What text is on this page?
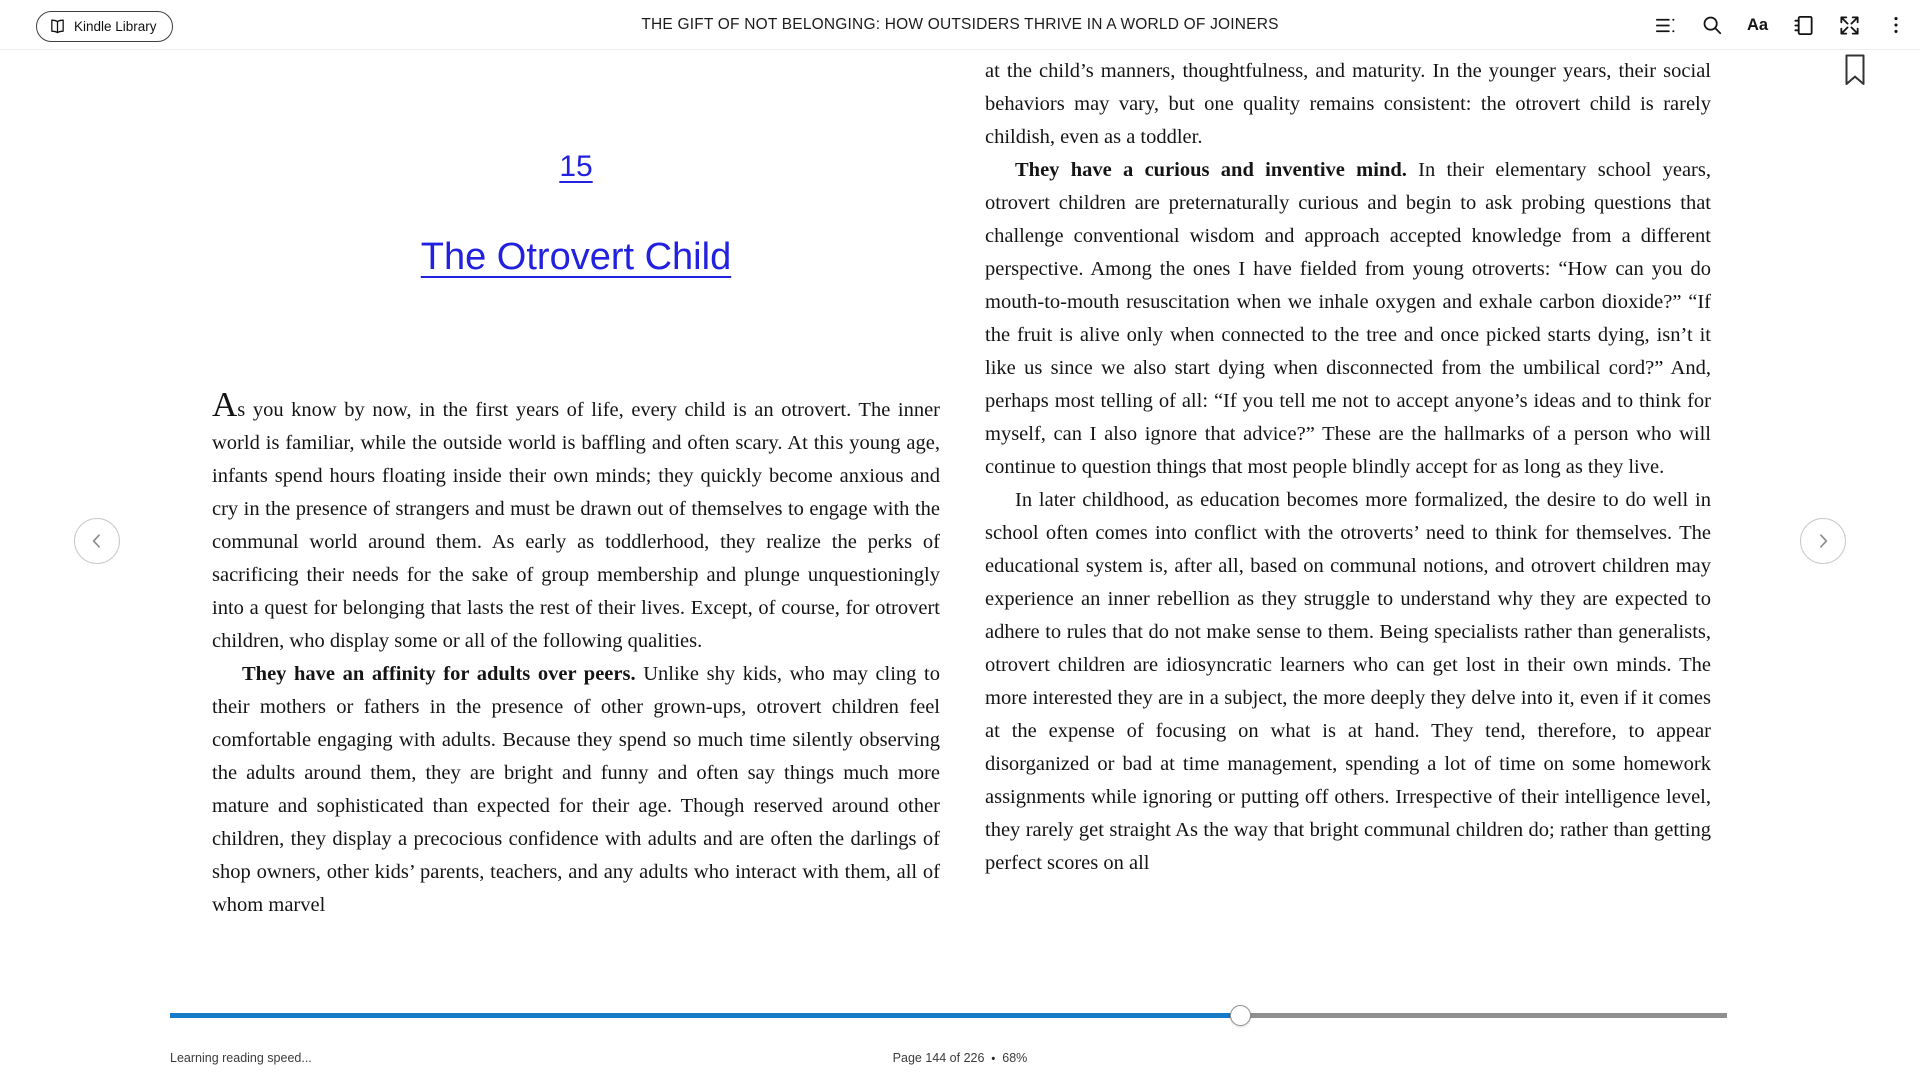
Kindle Library	THE GIFT OF NOT BELONGING: HOW OUTSIDERS THRIVE IN A WORLD OF JOINERS	Aa
15
The Otrovert Child

As you know by now, in the first years of life, every child is an otrovert. The inner world is familiar, while the outside world is baffling and often scary. At this young age, infants spend hours floating inside their own minds; they quickly become anxious and cry in the presence of strangers and must be drawn out of themselves to engage with the communal world around them. As early as toddlerhood, they realize the perks of sacrificing their needs for the sake of group membership and plunge unquestioningly into a quest for belonging that lasts the rest of their lives. Except, of course, for otrovert children, who display some or all of the following qualities.

They have an affinity for adults over peers. Unlike shy kids, who may cling to their mothers or fathers in the presence of other grown-ups, otrovert children feel comfortable engaging with adults. Because they spend so much time silently observing the adults around them, they are bright and funny and often say things much more mature and sophisticated than expected for their age. Though reserved around other children, they display a precocious confidence with adults and are often the darlings of shop owners, other kids’ parents, teachers, and any adults who interact with them, all of whom marvel

at the child’s manners, thoughtfulness, and maturity. In the younger years, their social behaviors may vary, but one quality remains consistent: the otrovert child is rarely childish, even as a toddler.

They have a curious and inventive mind. In their elementary school years, otrovert children are preternaturally curious and begin to ask probing questions that challenge conventional wisdom and approach accepted knowledge from a different perspective. Among the ones I have fielded from young otroverts: “How can you do mouth-to-mouth resuscitation when we inhale oxygen and exhale carbon dioxide?” “If the fruit is alive only when connected to the tree and once picked starts dying, isn’t it like us since we also start dying when disconnected from the umbilical cord?” And, perhaps most telling of all: “If you tell me not to accept anyone’s ideas and to think for myself, can I also ignore that advice?” These are the hallmarks of a person who will continue to question things that most people blindly accept for as long as they live.

In later childhood, as education becomes more formalized, the desire to do well in school often comes into conflict with the otroverts’ need to think for themselves. The educational system is, after all, based on communal notions, and otrovert children may experience an inner rebellion as they struggle to understand why they are expected to adhere to rules that do not make sense to them. Being specialists rather than generalists, otrovert children are idiosyncratic learners who can get lost in their own minds. The more interested they are in a subject, the more deeply they delve into it, even if it comes at the expense of focusing on what is at hand. They tend, therefore, to appear disorganized or bad at time management, spending a lot of time on some homework assignments while ignoring or putting off others. Irrespective of their intelligence level, they rarely get straight As the way that bright communal children do; rather than getting perfect scores on all

Learning reading speed...	Page 144 of 226 • 68%
